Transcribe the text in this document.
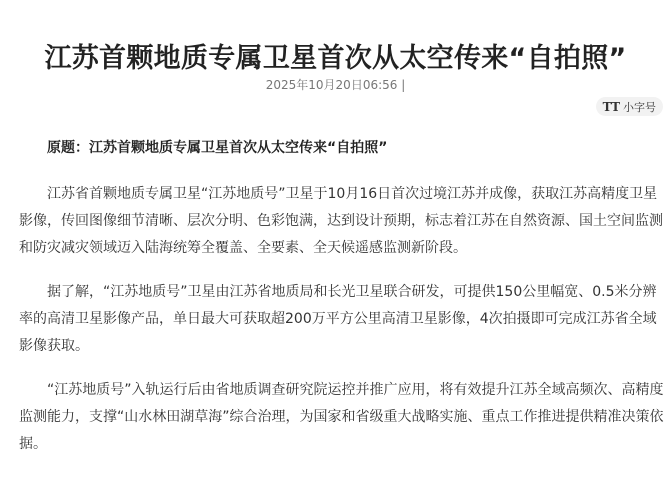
江苏首颗地质专属卫星首次从太空传来“自拍照”
2025年10月20日06:56 |
TT 小字号

原题：江苏首颗地质专属卫星首次从太空传来“自拍照”

江苏省首颗地质专属卫星“江苏地质号”卫星于10月16日首次过境江苏并成像，获取江苏高精度卫星影像，传回图像细节清晰、层次分明、色彩饱满，达到设计预期，标志着江苏在自然资源、国土空间监测和防灾减灾领域迈入陆海统筹全覆盖、全要素、全天候遥感监测新阶段。

据了解，“江苏地质号”卫星由江苏省地质局和长光卫星联合研发，可提供150公里幅宽、0.5米分辨率的高清卫星影像产品，单日最大可获取超200万平方公里高清卫星影像，4次拍摄即可完成江苏省全域影像获取。

“江苏地质号”入轨运行后由省地质调查研究院运控并推广应用，将有效提升江苏全域高频次、高精度监测能力，支撑“山水林田湖草海”综合治理，为国家和省级重大战略实施、重点工作推进提供精准决策依据。
